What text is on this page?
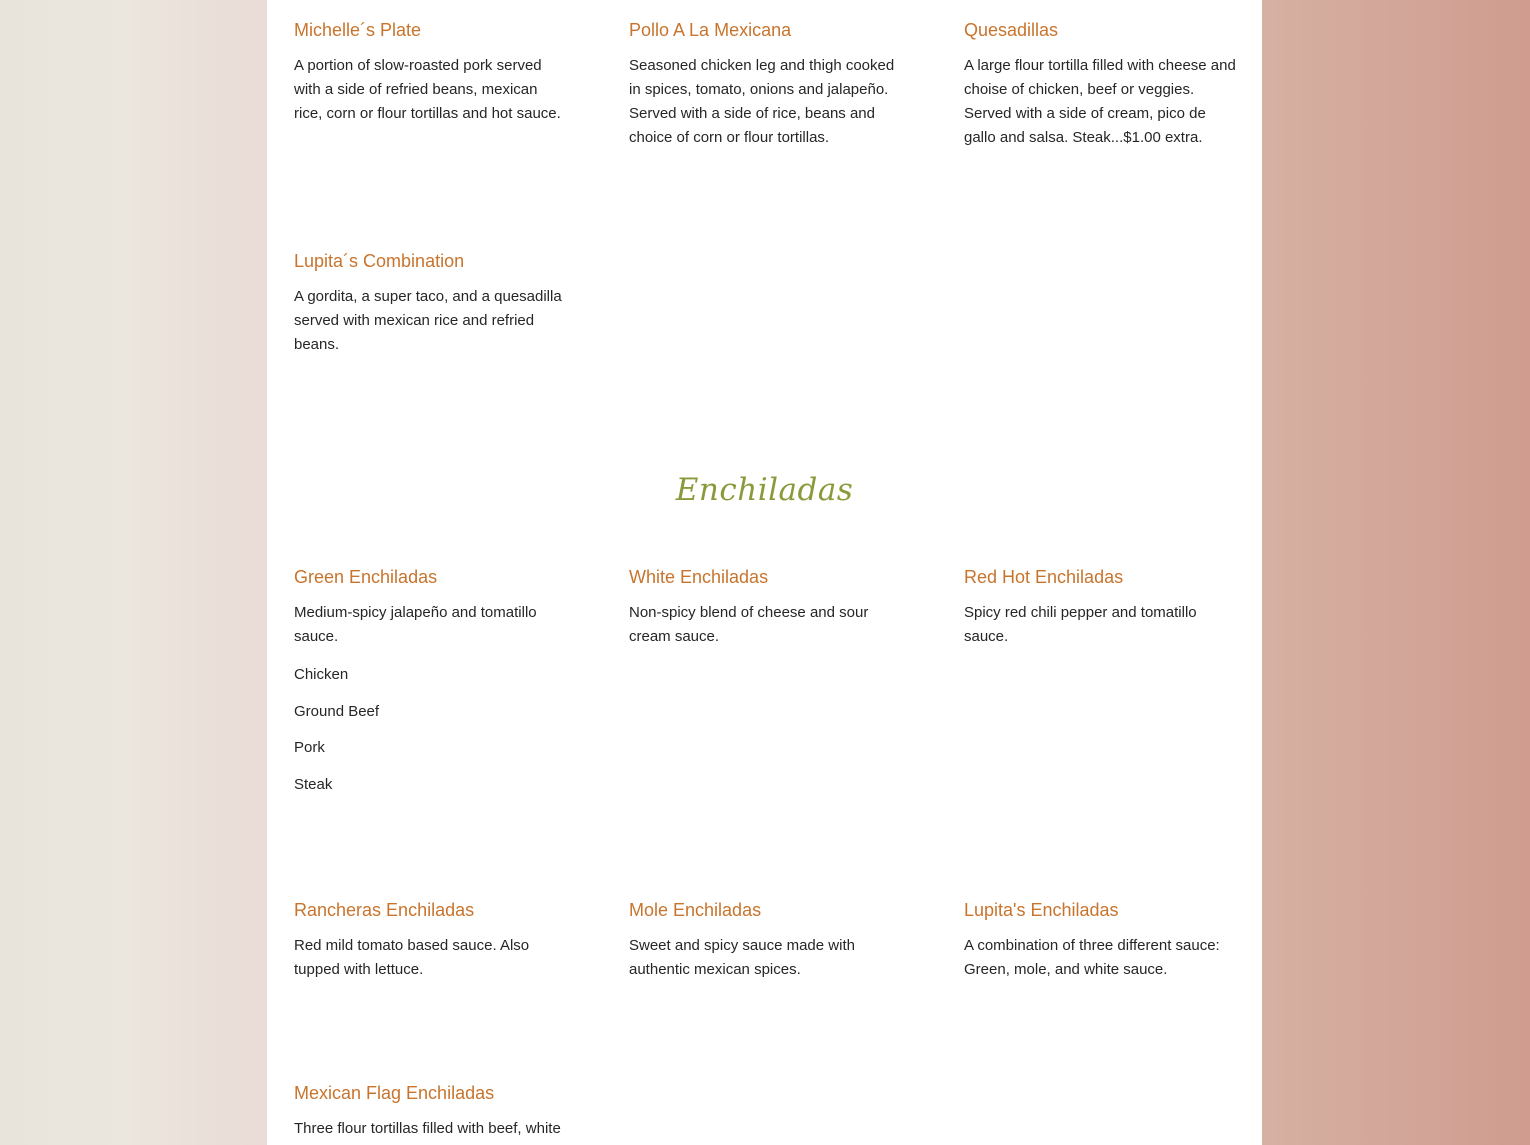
Michelle´s Plate

A portion of slow-roasted pork served with a side of refried beans, mexican rice, corn or flour tortillas and hot sauce.

Pollo A La Mexicana

Seasoned chicken leg and thigh cooked in spices, tomato, onions and jalapeño. Served with a side of rice, beans and choice of corn or flour tortillas.

Quesadillas

A large flour tortilla filled with cheese and choise of chicken, beef or veggies. Served with a side of cream, pico de gallo and salsa. Steak...$1.00 extra.

Lupita´s Combination

A gordita, a super taco, and a quesadilla served with mexican rice and refried beans.

Enchiladas
Green Enchiladas

Medium-spicy jalapeño and tomatillo sauce.

Chicken
Ground Beef
Pork
Steak
White Enchiladas

Non-spicy blend of cheese and sour cream sauce.

Red Hot Enchiladas

Spicy red chili pepper and tomatillo sauce.

Rancheras Enchiladas

Red mild tomato based sauce. Also tupped with lettuce.

Mole Enchiladas

Sweet and spicy sauce made with authentic mexican spices.

Lupita's Enchiladas

A combination of three different sauce: Green, mole, and white sauce.

Mexican Flag Enchiladas

Three flour tortillas filled with beef, white
